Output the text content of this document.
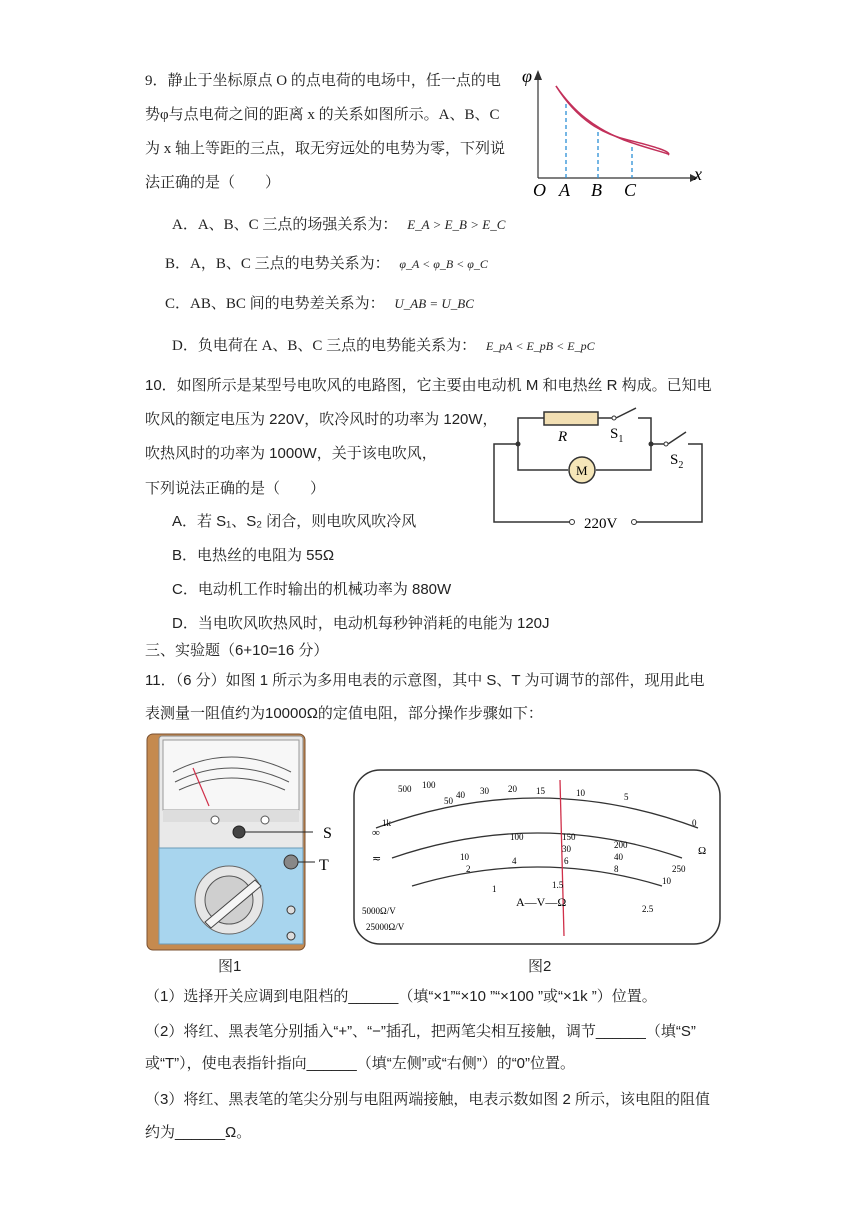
9．静止于坐标原点 O 的点电荷的电场中，任一点的电
势φ与点电荷之间的距离 x 的关系如图所示。A、B、C
为 x 轴上等距的三点，取无穷远处的电势为零，下列说
法正确的是（　　）
φ
x
O A B C
A．A、B、C 三点的场强关系为： E_A > E_B > E_C
B．A，B、C 三点的电势关系为： φ_A < φ_B < φ_C
C．AB、BC 间的电势差关系为： U_AB = U_BC
D．负电荷在 A、B、C 三点的电势能关系为： E_pA < E_pB < E_pC
10．如图所示是某型号电吹风的电路图，它主要由电动机 M 和电热丝 R 构成。已知电
吹风的额定电压为 220V，吹冷风时的功率为 120W，
吹热风时的功率为 1000W，关于该电吹风，
下列说法正确的是（　　）
R	$S_1$
$S_2$
M
220V
A．若 S₁、S₂ 闭合，则电吹风吹冷风
B．电热丝的电阻为 55Ω
C．电动机工作时输出的机械功率为 880W
D．当电吹风吹热风时，电动机每秒钟消耗的电能为 120J
三、实验题（6+10=16 分）
11．（6 分）如图 1 所示为多用电表的示意图，其中 S、T 为可调节的部件，现用此电
表测量一阻值约为10000Ω的定值电阻，部分操作步骤如下：
S
T
图1
1k
500 100
50
40 30 20 15	10	5
0
∞
Ω
100	150
200
250
10
30
40
2
4	6
8
10
1	1.5
2.5
A—V—Ω
≂
5000Ω/V
25000Ω/V
图2
（1）选择开关应调到电阻档的______（填“×1”“×10 ”“×100 ”或“×1k ”）位置。
（2）将红、黑表笔分别插入“+”、“−”插孔，把两笔尖相互接触，调节______（填“S”
或“T”），使电表指针指向______（填“左侧”或“右侧”）的“0”位置。
（3）将红、黑表笔的笔尖分别与电阻两端接触，电表示数如图 2 所示，该电阻的阻值
约为______Ω。
